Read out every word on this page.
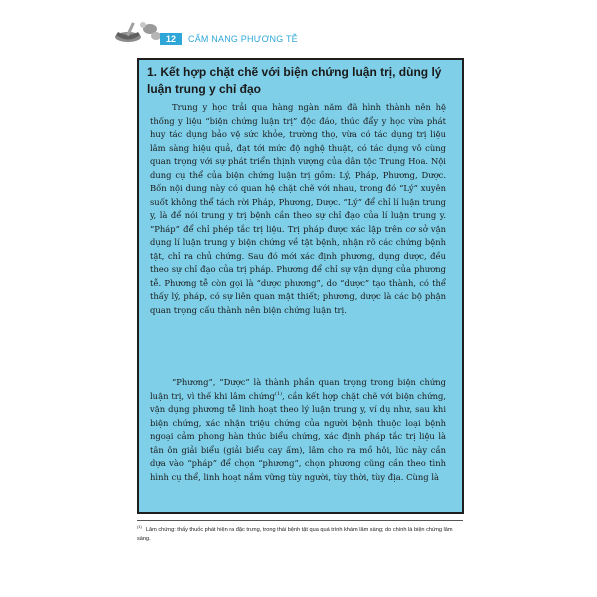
12	CẨM NANG PHƯƠNG TỄ
1. Kết hợp chặt chẽ với biện chứng luận trị, dùng lý luận trung y chỉ đạo

Trung y học trải qua hàng ngàn năm đã hình thành nên hệ thống y liệu “biện chứng luận trị” độc đáo, thúc đẩy y học vừa phát huy tác dụng bảo vệ sức khỏe, trường thọ, vừa có tác dụng trị liệu lâm sàng hiệu quả, đạt tới mức độ nghệ thuật, có tác dụng vô cùng quan trọng với sự phát triển thịnh vượng của dân tộc Trung Hoa. Nội dung cụ thể của biện chứng luận trị gồm: Lý, Pháp, Phương, Dược. Bốn nội dung này có quan hệ chặt chẽ với nhau, trong đó “Lý” xuyên suốt không thể tách rời Pháp, Phương, Dược. “Lý” để chỉ lí luận trung y, là để nói trung y trị bệnh cần theo sự chỉ đạo của lí luận trung y. “Pháp” để chỉ phép tắc trị liệu. Trị pháp được xác lập trên cơ sở vận dụng lí luận trung y biện chứng về tật bệnh, nhận rõ các chứng bệnh tật, chỉ ra chủ chứng. Sau đó mới xác định phương, dụng dược, đều theo sự chỉ đạo của trị pháp. Phương để chỉ sự vận dụng của phương tễ. Phương tễ còn gọi là “dược phương”, do “dược” tạo thành, có thể thấy lý, pháp, có sự liên quan mật thiết; phương, dược là các bộ phận quan trọng cấu thành nên biện chứng luận trị.

“Phương”, “Dược” là thành phần quan trọng trong biện chứng luận trị, vì thế khi lâm chứng$^{(1)}$, cần kết hợp chặt chẽ với biện chứng, vận dụng phương tễ linh hoạt theo lý luận trung y, ví dụ như, sau khi biện chứng, xác nhận triệu chứng của người bệnh thuộc loại bệnh ngoại cảm phong hàn thúc biểu chứng, xác định pháp tắc trị liệu là tân ôn giải biểu (giải biểu cay ấm), lâm cho ra mồ hôi, lúc này cần dựa vào “pháp” để chọn “phương”, chọn phương cũng cần theo tình hình cụ thể, linh hoạt nắm vững tùy người, tùy thời, tùy địa. Cùng là

$^{(1)}$Lâm chứng: thấy thuốc phát hiện ra đặc trưng, trong thái bệnh tật qua quá trình khám lâm sàng; do chính là biện chứng lâm sàng.
